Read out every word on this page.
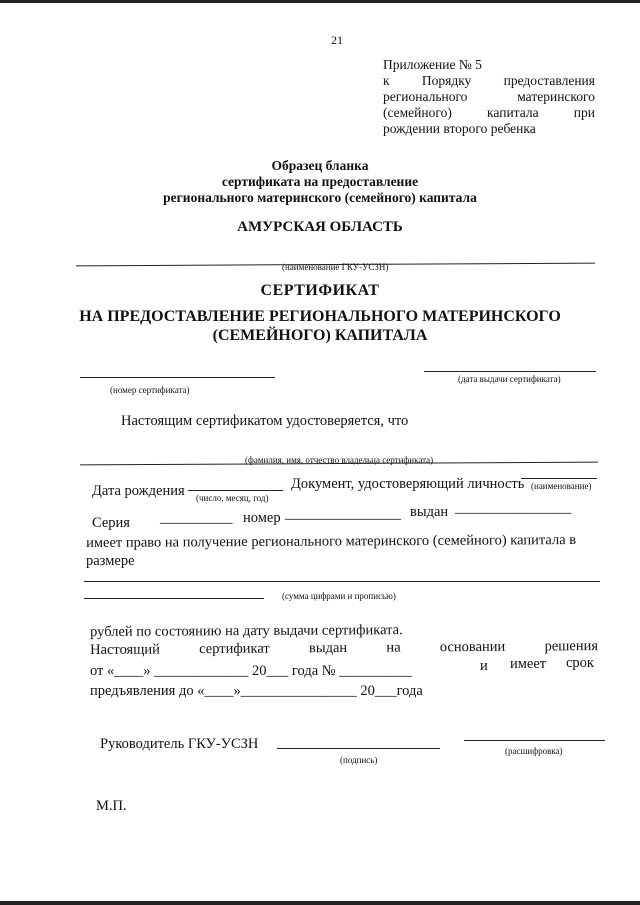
21
Приложение № 5
к Порядку предоставления регионального материнского (семейного) капитала при
рождении второго ребенка
Образец бланка
сертификата на предоставление
регионального материнского (семейного) капитала
АМУРСКАЯ ОБЛАСТЬ
(наименование ГКУ-УСЗН)
СЕРТИФИКАТ
НА ПРЕДОСТАВЛЕНИЕ РЕГИОНАЛЬНОГО МАТЕРИНСКОГО
(СЕМЕЙНОГО) КАПИТАЛА
(номер сертификата)
(дата выдачи сертификата)
Настоящим сертификатом удостоверяется, что
(фамилия, имя, отчество владельца сертификата)
Дата рождения (число, месяц, год)
Документ, удостоверяющий личность (наименование)
Серия __________ номер ________________ выдан ________________
имеет право на получение регионального материнского (семейного) капитала в
размере
(сумма цифрами и прописью)
рублей по состоянию на дату выдачи сертификата.
Настоящий	сертификат	выдан	на	основании	решения
от «____» _____________ 20___ года № __________	и имеет срок
предъявления до «____»________________ 20___года
Руководитель ГКУ-УСЗН
(подпись)
(расшифровка)
М.П.
